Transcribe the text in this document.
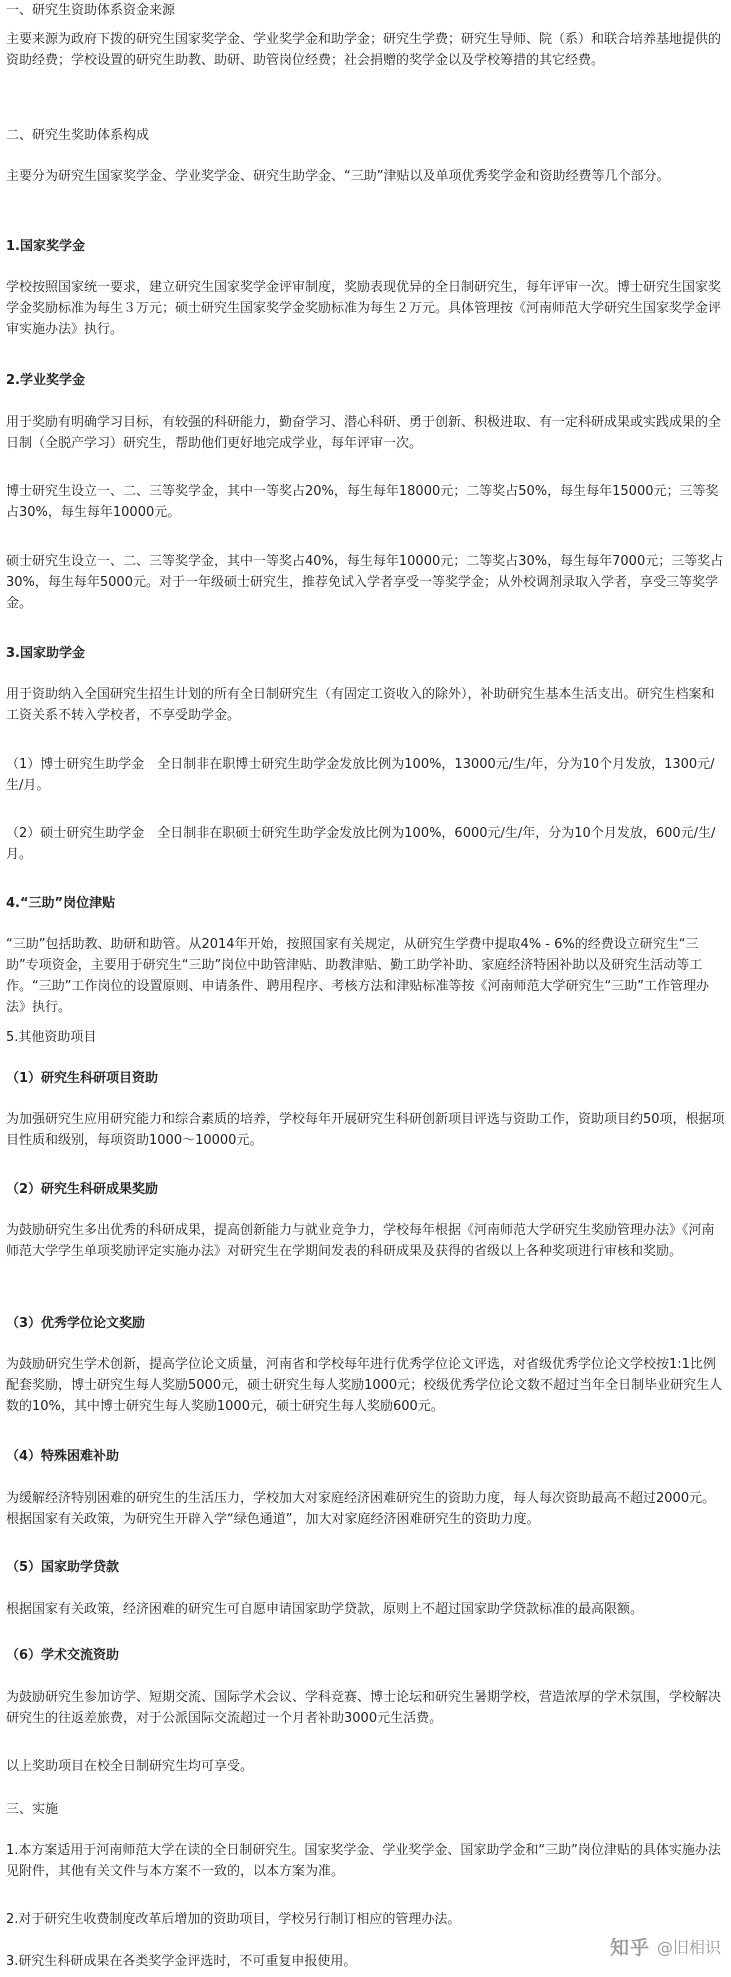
一、研究生资助体系资金来源

主要来源为政府下拨的研究生国家奖学金、学业奖学金和助学金；研究生学费；研究生导师、院（系）和联合培养基地提供的资助经费；学校设置的研究生助教、助研、助管岗位经费；社会捐赠的奖学金以及学校筹措的其它经费。

二、研究生奖助体系构成

主要分为研究生国家奖学金、学业奖学金、研究生助学金、“三助”津贴以及单项优秀奖学金和资助经费等几个部分。

1.国家奖学金

学校按照国家统一要求，建立研究生国家奖学金评审制度，奖励表现优异的全日制研究生，每年评审一次。博士研究生国家奖学金奖励标准为每生３万元；硕士研究生国家奖学金奖励标准为每生２万元。具体管理按《河南师范大学研究生国家奖学金评审实施办法》执行。

2.学业奖学金

用于奖励有明确学习目标，有较强的科研能力，勤奋学习、潜心科研、勇于创新、积极进取、有一定科研成果或实践成果的全日制（全脱产学习）研究生，帮助他们更好地完成学业，每年评审一次。

博士研究生设立一、二、三等奖学金，其中一等奖占20%，每生每年18000元；二等奖占50%，每生每年15000元；三等奖占30%，每生每年10000元。

硕士研究生设立一、二、三等奖学金，其中一等奖占40%，每生每年10000元；二等奖占30%，每生每年7000元；三等奖占30%，每生每年5000元。对于一年级硕士研究生，推荐免试入学者享受一等奖学金；从外校调剂录取入学者，享受三等奖学金。

3.国家助学金

用于资助纳入全国研究生招生计划的所有全日制研究生（有固定工资收入的除外），补助研究生基本生活支出。研究生档案和工资关系不转入学校者，不享受助学金。

（1）博士研究生助学金　全日制非在职博士研究生助学金发放比例为100%，13000元/生/年，分为10个月发放，1300元/生/月。

（2）硕士研究生助学金　全日制非在职硕士研究生助学金发放比例为100%，6000元/生/年，分为10个月发放，600元/生/月。

4.“三助”岗位津贴

“三助”包括助教、助研和助管。从2014年开始，按照国家有关规定，从研究生学费中提取4% - 6%的经费设立研究生“三助”专项资金，主要用于研究生“三助”岗位中助管津贴、助教津贴、勤工助学补助、家庭经济特困补助以及研究生活动等工作。“三助”工作岗位的设置原则、申请条件、聘用程序、考核方法和津贴标准等按《河南师范大学研究生“三助”工作管理办法》执行。

5.其他资助项目

（1）研究生科研项目资助

为加强研究生应用研究能力和综合素质的培养，学校每年开展研究生科研创新项目评选与资助工作，资助项目约50项，根据项目性质和级别，每项资助1000～10000元。

（2）研究生科研成果奖励

为鼓励研究生多出优秀的科研成果，提高创新能力与就业竞争力，学校每年根据《河南师范大学研究生奖励管理办法》《河南师范大学学生单项奖励评定实施办法》对研究生在学期间发表的科研成果及获得的省级以上各种奖项进行审核和奖励。

（3）优秀学位论文奖励

为鼓励研究生学术创新，提高学位论文质量，河南省和学校每年进行优秀学位论文评选，对省级优秀学位论文学校按1:1比例配套奖励，博士研究生每人奖励5000元，硕士研究生每人奖励1000元；校级优秀学位论文数不超过当年全日制毕业研究生人数的10%，其中博士研究生每人奖励1000元，硕士研究生每人奖励600元。

（4）特殊困难补助

为缓解经济特别困难的研究生的生活压力，学校加大对家庭经济困难研究生的资助力度，每人每次资助最高不超过2000元。根据国家有关政策，为研究生开辟入学“绿色通道”，加大对家庭经济困难研究生的资助力度。

（5）国家助学贷款

根据国家有关政策，经济困难的研究生可自愿申请国家助学贷款，原则上不超过国家助学贷款标准的最高限额。

（6）学术交流资助

为鼓励研究生参加访学、短期交流、国际学术会议、学科竞赛、博士论坛和研究生暑期学校，营造浓厚的学术氛围，学校解决研究生的往返差旅费，对于公派国际交流超过一个月者补助3000元生活费。

以上奖助项目在校全日制研究生均可享受。

三、实施

1.本方案适用于河南师范大学在读的全日制研究生。国家奖学金、学业奖学金、国家助学金和“三助”岗位津贴的具体实施办法见附件，其他有关文件与本方案不一致的，以本方案为准。

2.对于研究生收费制度改革后增加的资助项目，学校另行制订相应的管理办法。

3.研究生科研成果在各类奖学金评选时，不可重复申报使用。

知乎 @旧相识
